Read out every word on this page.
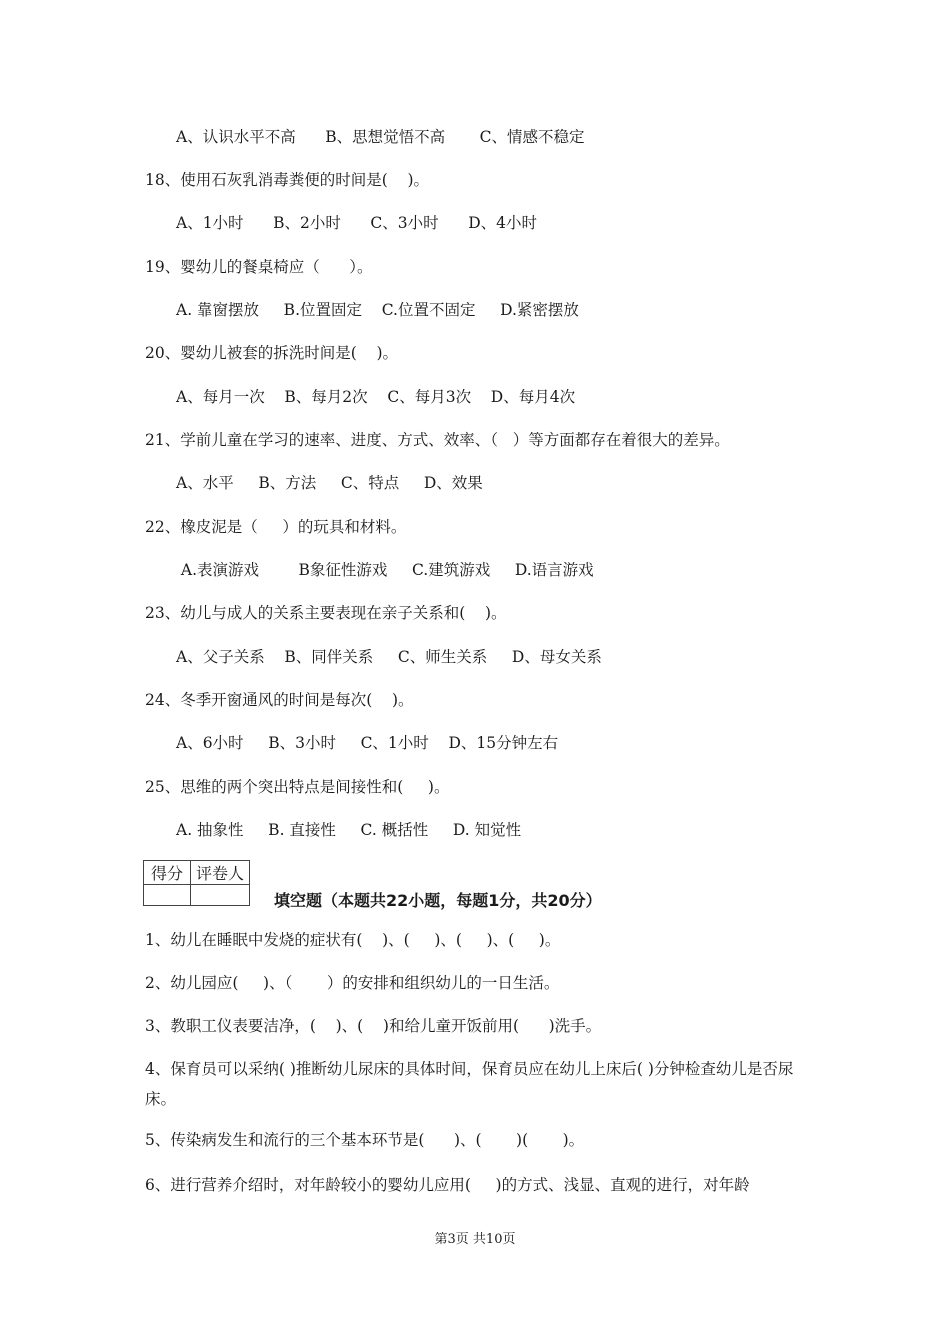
A、认识水平不高      B、思想觉悟不高       C、情感不稳定
18、使用石灰乳消毒粪便的时间是(    )。
A、1小时      B、2小时      C、3小时      D、4小时
19、婴幼儿的餐桌椅应（      ）。
A. 靠窗摆放     B.位置固定    C.位置不固定     D.紧密摆放
20、婴幼儿被套的拆洗时间是(    )。
A、每月一次    B、每月2次    C、每月3次    D、每月4次
21、学前儿童在学习的速率、进度、方式、效率、（   ）等方面都存在着很大的差异。
A、水平     B、方法     C、特点     D、效果
22、橡皮泥是（     ）的玩具和材料。
A.表演游戏        B象征性游戏     C.建筑游戏     D.语言游戏
23、幼儿与成人的关系主要表现在亲子关系和(    )。
A、父子关系    B、同伴关系     C、师生关系     D、母女关系
24、冬季开窗通风的时间是每次(    )。
A、6小时     B、3小时     C、1小时    D、15分钟左右
25、思维的两个突出特点是间接性和(     )。
A. 抽象性     B. 直接性     C. 概括性     D. 知觉性
1、幼儿在睡眠中发烧的症状有(    )、(     )、(     )、(     )。
2、幼儿园应(     )、（       ）的安排和组织幼儿的一日生活。
3、教职工仪表要洁净，(    )、(    )和给儿童开饭前用(      )洗手。
4、保育员可以采纳( )推断幼儿尿床的具体时间，保育员应在幼儿上床后( )分钟检查幼儿是否尿床。
5、传染病发生和流行的三个基本环节是(      )、(       )(       )。
6、进行营养介绍时，对年龄较小的婴幼儿应用(     )的方式、浅显、直观的进行，对年龄
得分	评卷人

填空题（本题共22小题，每题1分，共20分）
第3页 共10页
